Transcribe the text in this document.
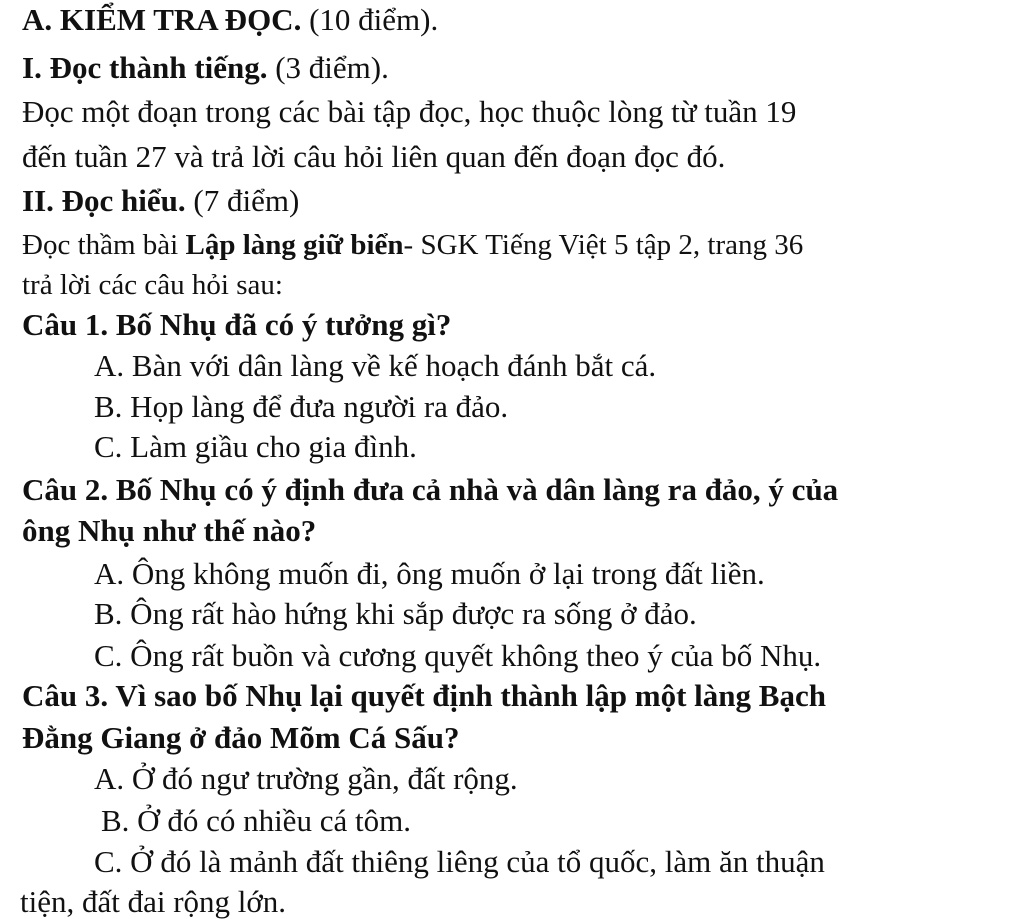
A. KIỂM TRA ĐỌC. (10 điểm).
I. Đọc thành tiếng. (3 điểm).
Đọc một đoạn trong các bài tập đọc, học thuộc lòng từ tuần 19
đến tuần 27 và trả lời câu hỏi liên quan đến đoạn đọc đó.
II. Đọc hiểu. (7 điểm)
Đọc thầm bài Lập làng giữ biển- SGK Tiếng Việt 5 tập 2, trang 36
trả lời các câu hỏi sau:
Câu 1. Bố Nhụ đã có ý tưởng gì?
A. Bàn với dân làng về kế hoạch đánh bắt cá.
B. Họp làng để đưa người ra đảo.
C. Làm giầu cho gia đình.
Câu 2. Bố Nhụ có ý định đưa cả nhà và dân làng ra đảo, ý của
ông Nhụ như thế nào?
A. Ông không muốn đi, ông muốn ở lại trong đất liền.
B. Ông rất hào hứng khi sắp được ra sống ở đảo.
C. Ông rất buồn và cương quyết không theo ý của bố Nhụ.
Câu 3. Vì sao bố Nhụ lại quyết định thành lập một làng Bạch
Đằng Giang ở đảo Mõm Cá Sấu?
A. Ở đó ngư trường gần, đất rộng.
B. Ở đó có nhiều cá tôm.
C. Ở đó là mảnh đất thiêng liêng của tổ quốc, làm ăn thuận
tiện, đất đai rộng lớn.
